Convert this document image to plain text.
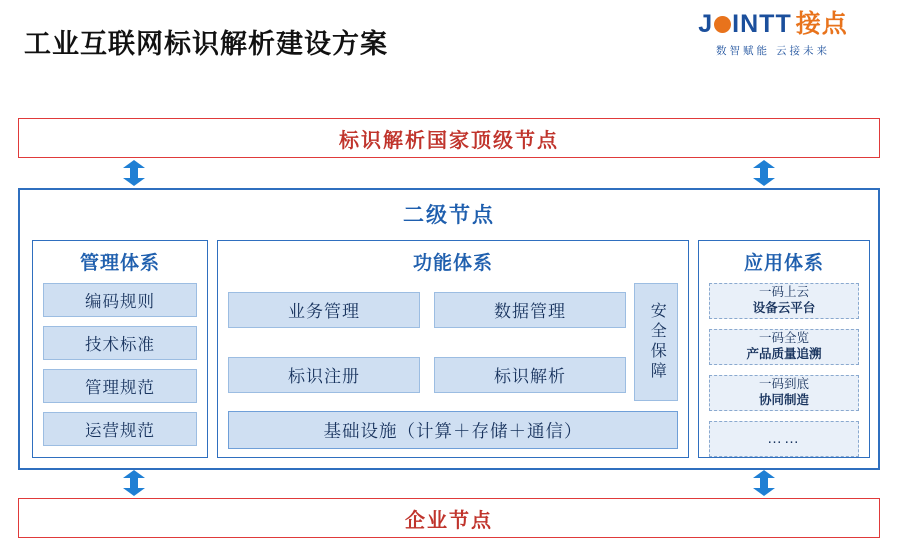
工业互联网标识解析建设方案
J INTT 接点
数智赋能 云接未来
标识解析国家顶级节点
二级节点
管理体系
编码规则
技术标准
管理规范
运营规范
功能体系
业务管理	数据管理
标识注册	标识解析	安全保障
基础设施（计算＋存储＋通信）
应用体系
一码上云
设备云平台
一码全览
产品质量追溯
一码到底
协同制造
……
企业节点
